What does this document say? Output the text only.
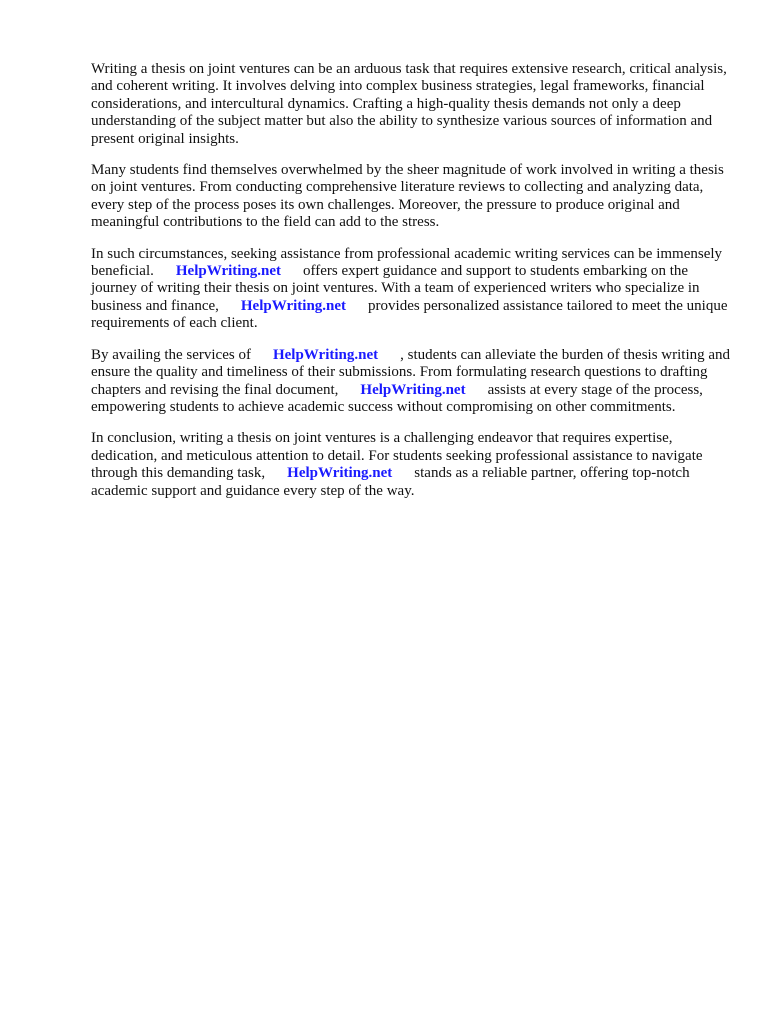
Writing a thesis on joint ventures can be an arduous task that requires extensive research, critical analysis, and coherent writing. It involves delving into complex business strategies, legal frameworks, financial considerations, and intercultural dynamics. Crafting a high-quality thesis demands not only a deep understanding of the subject matter but also the ability to synthesize various sources of information and present original insights.

Many students find themselves overwhelmed by the sheer magnitude of work involved in writing a thesis on joint ventures. From conducting comprehensive literature reviews to collecting and analyzing data, every step of the process poses its own challenges. Moreover, the pressure to produce original and meaningful contributions to the field can add to the stress.

In such circumstances, seeking assistance from professional academic writing services can be immensely beneficial. HelpWriting.net offers expert guidance and support to students embarking on the journey of writing their thesis on joint ventures. With a team of experienced writers who specialize in business and finance, HelpWriting.net provides personalized assistance tailored to meet the unique requirements of each client.

By availing the services of HelpWriting.net , students can alleviate the burden of thesis writing and ensure the quality and timeliness of their submissions. From formulating research questions to drafting chapters and revising the final document, HelpWriting.net assists at every stage of the process, empowering students to achieve academic success without compromising on other commitments.

In conclusion, writing a thesis on joint ventures is a challenging endeavor that requires expertise, dedication, and meticulous attention to detail. For students seeking professional assistance to navigate through this demanding task, HelpWriting.net stands as a reliable partner, offering top-notch academic support and guidance every step of the way.
